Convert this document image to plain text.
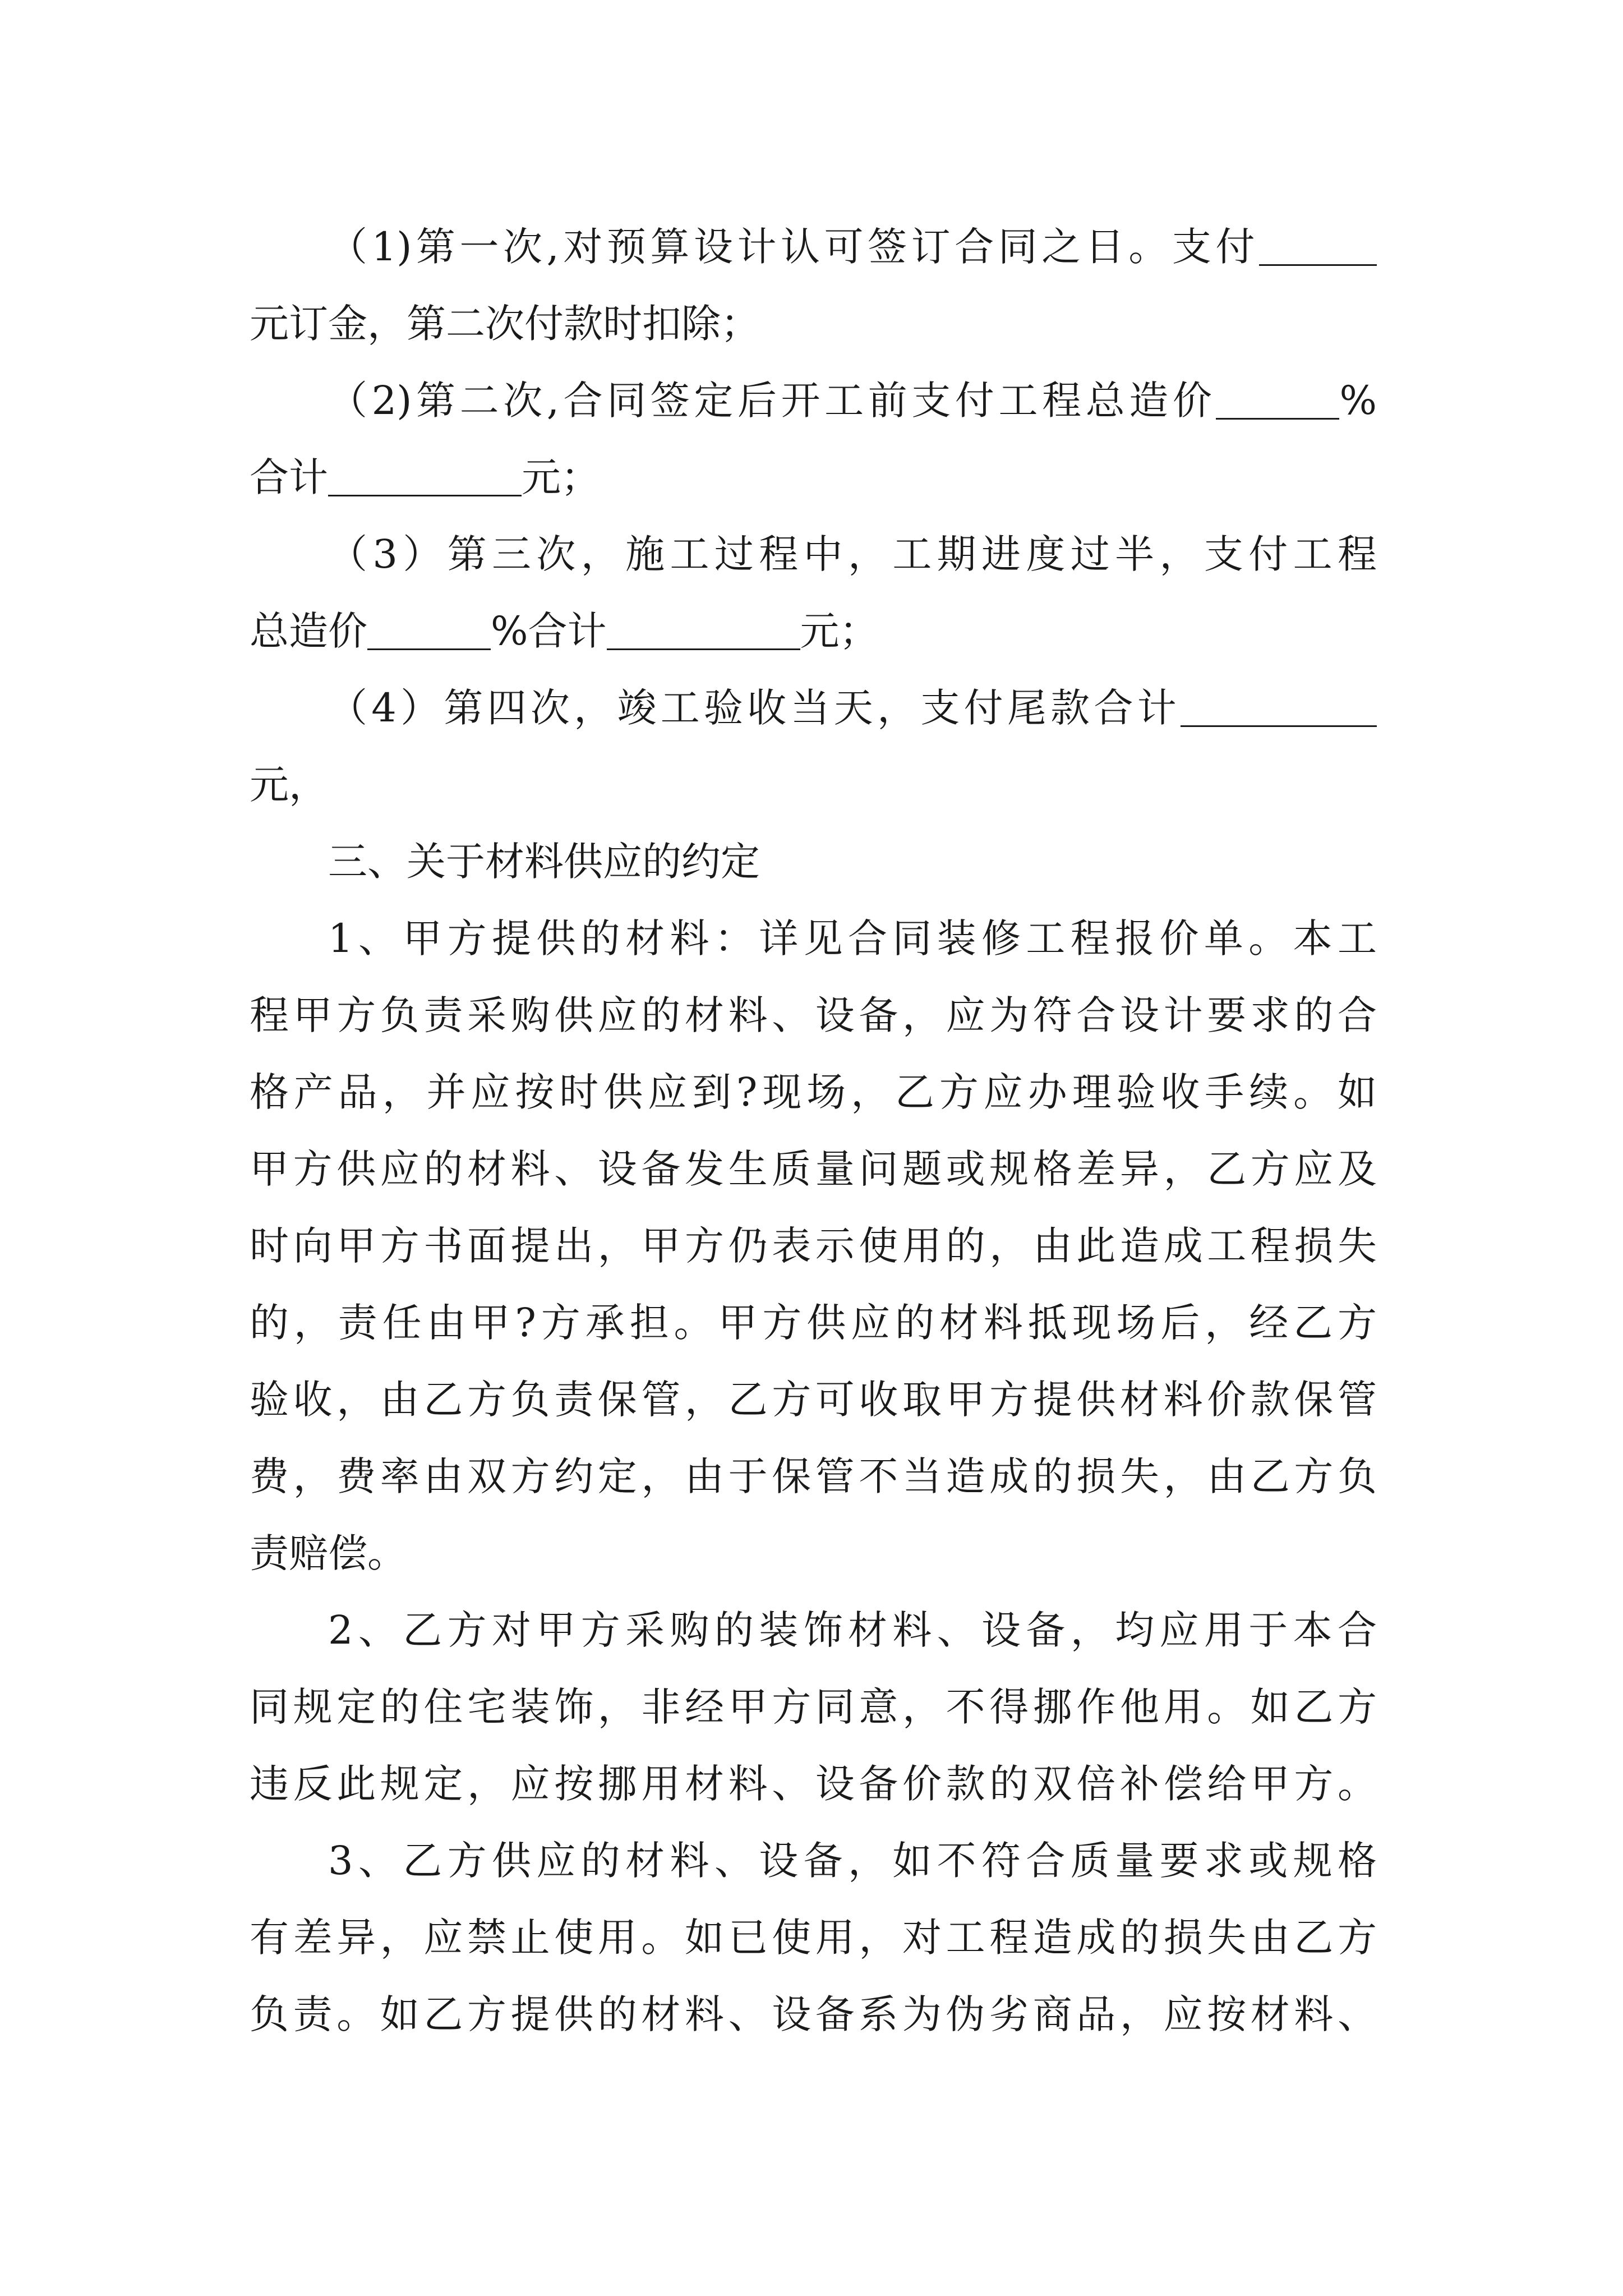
（1)第一次,对预算设计认可签订合同之日。支付
元订金，第二次付款时扣除；
（2)第二次,合同签定后开工前支付工程总造价	%
合计	元；
（3）第三次，施工过程中，工期进度过半，支付工程
总造价	%合计	元；
（4）第四次，竣工验收当天，支付尾款合计
元，
三、关于材料供应的约定
1、甲方提供的材料：详见合同装修工程报价单。本工
程甲方负责采购供应的材料、设备，应为符合设计要求的合
格产品，并应按时供应到?现场，乙方应办理验收手续。如
甲方供应的材料、设备发生质量问题或规格差异，乙方应及
时向甲方书面提出，甲方仍表示使用的，由此造成工程损失
的，责任由甲?方承担。甲方供应的材料抵现场后，经乙方
验收，由乙方负责保管，乙方可收取甲方提供材料价款保管
费，费率由双方约定，由于保管不当造成的损失，由乙方负
责赔偿。
2、乙方对甲方采购的装饰材料、设备，均应用于本合
同规定的住宅装饰，非经甲方同意，不得挪作他用。如乙方
违反此规定，应按挪用材料、设备价款的双倍补偿给甲方。
3、乙方供应的材料、设备，如不符合质量要求或规格
有差异，应禁止使用。如已使用，对工程造成的损失由乙方
负责。如乙方提供的材料、设备系为伪劣商品，应按材料、
